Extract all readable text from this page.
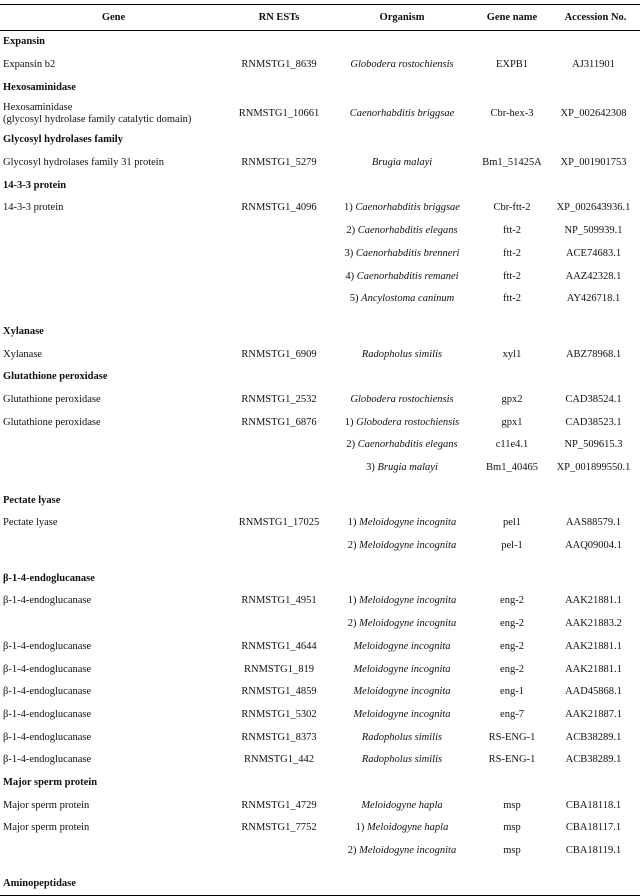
Gene	RN ESTs	Organism	Gene name	Accession No.
Expansin				
Expansin b2	RNMSTG1_8639	Globodera rostochiensis	EXPB1	AJ311901
Hexosaminidase				
Hexosaminidase
(glycosyl hydrolase family catalytic domain)	RNMSTG1_10661	Caenorhabditis briggsae	Cbr-hex-3	XP_002642308
Glycosyl hydrolases family				
Glycosyl hydrolases family 31 protein	RNMSTG1_5279	Brugia malayi	Bm1_51425A	XP_001901753
14-3-3 protein				
14-3-3 protein	RNMSTG1_4096	1) Caenorhabditis briggsae	Cbr-ftt-2	XP_002643936.1
		2) Caenorhabditis elegans	ftt-2	NP_509939.1
		3) Caenorhabditis brenneri	ftt-2	ACE74683.1
		4) Caenorhabditis remanei	ftt-2	AAZ42328.1
		5) Ancylostoma caninum	ftt-2	AY426718.1

Xylanase				
Xylanase	RNMSTG1_6909	Radopholus similis	xyl1	ABZ78968.1
Glutathione peroxidase				
Glutathione peroxidase	RNMSTG1_2532	Globodera rostochiensis	gpx2	CAD38524.1
Glutathione peroxidase	RNMSTG1_6876	1) Globodera rostochiensis	gpx1	CAD38523.1
		2) Caenorhabditis elegans	c11e4.1	NP_509615.3
		3) Brugia malayi	Bm1_40465	XP_001899550.1

Pectate lyase				
Pectate lyase	RNMSTG1_17025	1) Meloidogyne incognita	pel1	AAS88579.1
		2) Meloidogyne incognita	pel-1	AAQ09004.1

β-1-4-endoglucanase				
β-1-4-endoglucanase	RNMSTG1_4951	1) Meloidogyne incognita	eng-2	AAK21881.1
		2) Meloidogyne incognita	eng-2	AAK21883.2
β-1-4-endoglucanase	RNMSTG1_4644	Meloidogyne incognita	eng-2	AAK21881.1
β-1-4-endoglucanase	RNMSTG1_819	Meloidogyne incognita	eng-2	AAK21881.1
β-1-4-endoglucanase	RNMSTG1_4859	Meloidogyne incognita	eng-1	AAD45868.1
β-1-4-endoglucanase	RNMSTG1_5302	Meloidogyne incognita	eng-7	AAK21887.1
β-1-4-endoglucanase	RNMSTG1_8373	Radopholus similis	RS-ENG-1	ACB38289.1
β-1-4-endoglucanase	RNMSTG1_442	Radopholus similis	RS-ENG-1	ACB38289.1
Major sperm protein				
Major sperm protein	RNMSTG1_4729	Meloidogyne hapla	msp	CBA18118.1
Major sperm protein	RNMSTG1_7752	1) Meloidogyne hapla	msp	CBA18117.1
		2) Meloidogyne incognita	msp	CBA18119.1

Aminopeptidase				
